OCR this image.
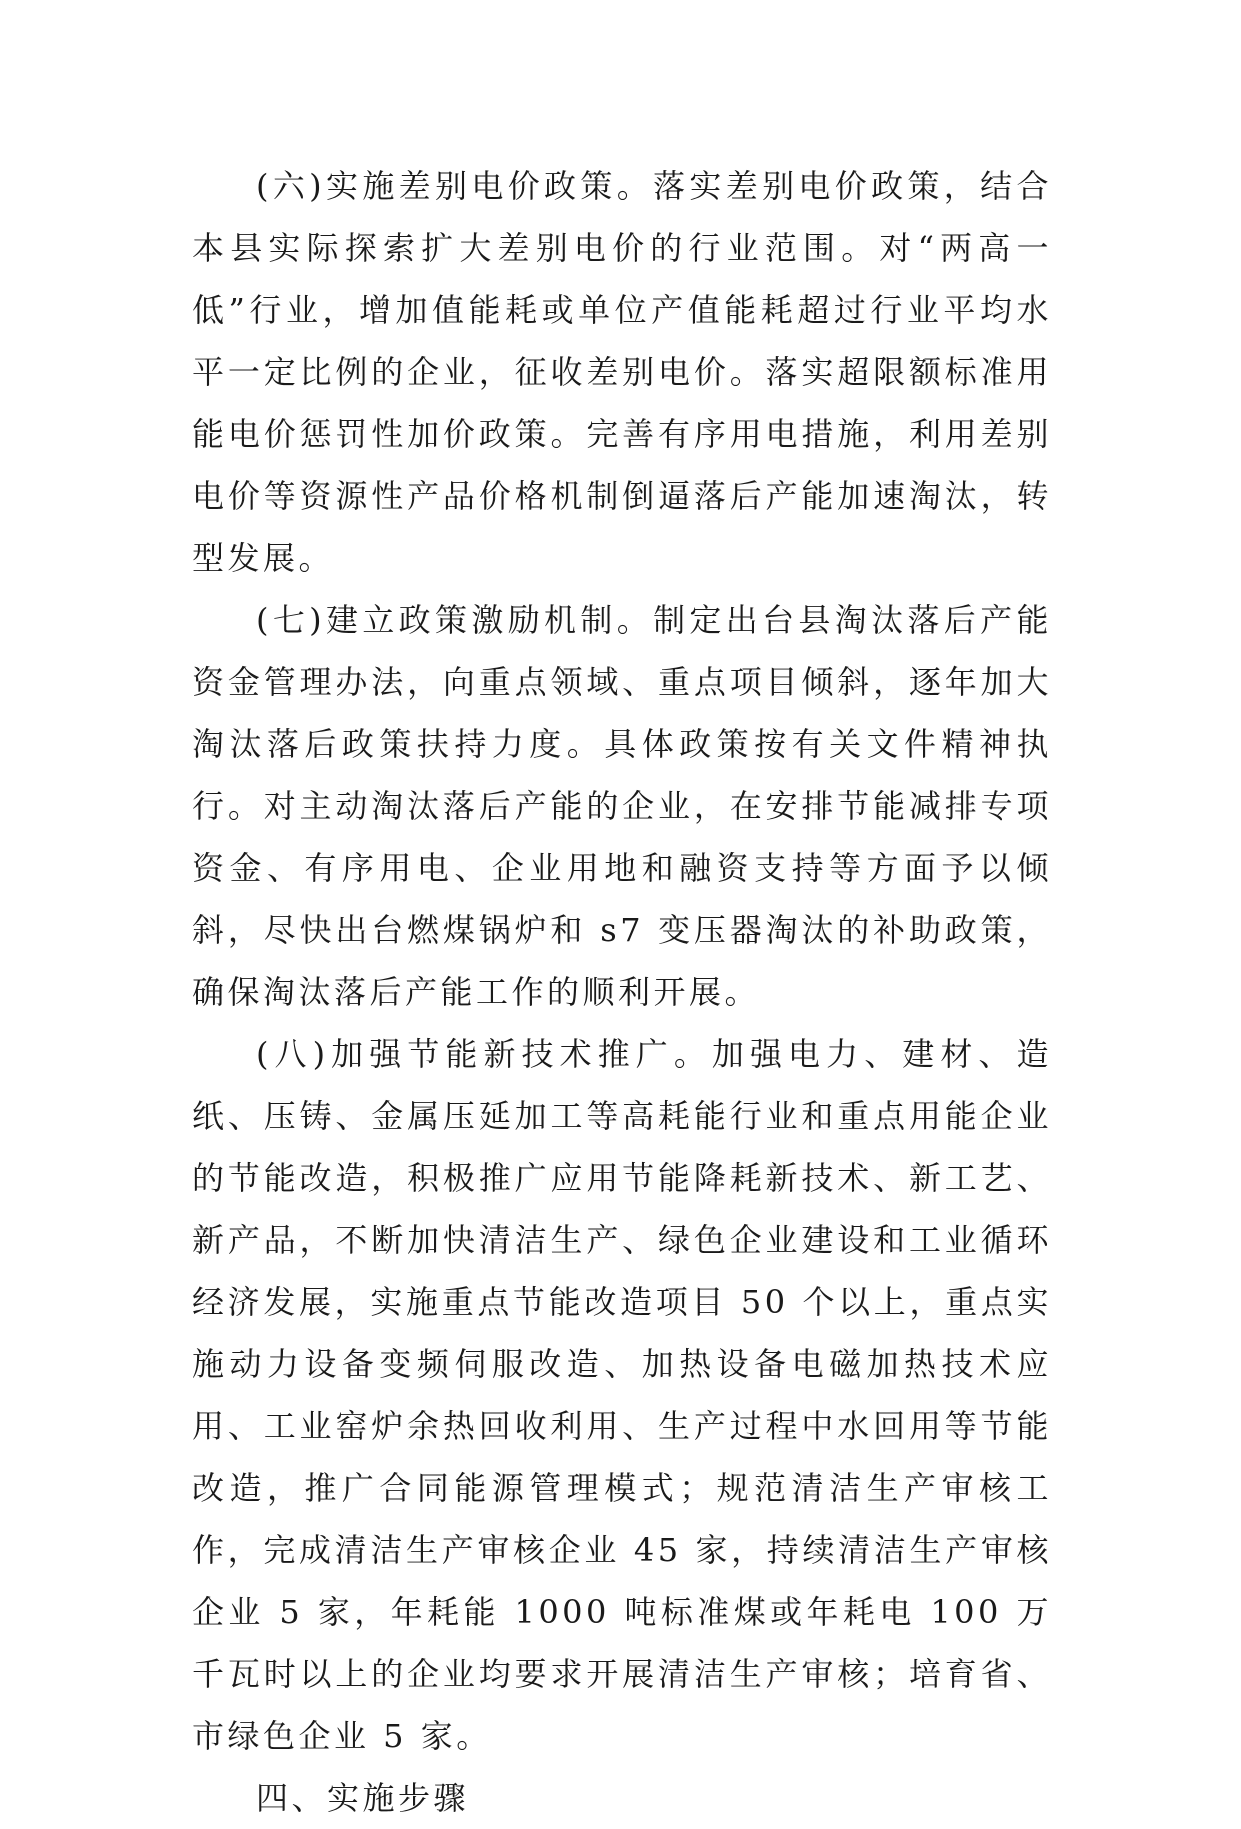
(六)实施差别电价政策。落实差别电价政策，结合本县实际探索扩大差别电价的行业范围。对“两高一低”行业，增加值能耗或单位产值能耗超过行业平均水平一定比例的企业，征收差别电价。落实超限额标准用能电价惩罚性加价政策。完善有序用电措施，利用差别电价等资源性产品价格机制倒逼落后产能加速淘汰，转型发展。

(七)建立政策激励机制。制定出台县淘汰落后产能资金管理办法，向重点领域、重点项目倾斜，逐年加大淘汰落后政策扶持力度。具体政策按有关文件精神执行。对主动淘汰落后产能的企业，在安排节能减排专项资金、有序用电、企业用地和融资支持等方面予以倾斜，尽快出台燃煤锅炉和 s7 变压器淘汰的补助政策，确保淘汰落后产能工作的顺利开展。

(八)加强节能新技术推广。加强电力、建材、造纸、压铸、金属压延加工等高耗能行业和重点用能企业的节能改造，积极推广应用节能降耗新技术、新工艺、新产品，不断加快清洁生产、绿色企业建设和工业循环经济发展，实施重点节能改造项目 50 个以上，重点实施动力设备变频伺服改造、加热设备电磁加热技术应用、工业窑炉余热回收利用、生产过程中水回用等节能改造，推广合同能源管理模式；规范清洁生产审核工作，完成清洁生产审核企业 45 家，持续清洁生产审核企业 5 家，年耗能 1000 吨标准煤或年耗电 100 万千瓦时以上的企业均要求开展清洁生产审核；培育省、市绿色企业 5 家。

四、实施步骤
